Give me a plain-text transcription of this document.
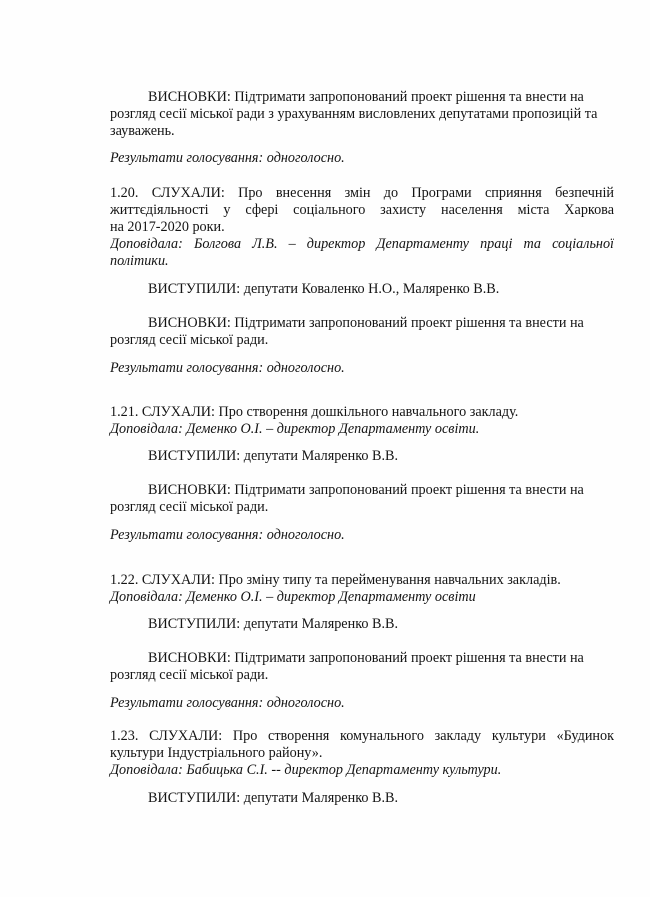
ВИСНОВКИ: Підтримати запропонований проект рішення та внести на
розгляд сесії міської ради з урахуванням висловлених депутатами пропозицій та
зауважень.
Результати голосування: одноголосно.
1.20. СЛУХАЛИ: Про внесення змін до Програми сприяння безпечній
життєдіяльності у сфері соціального захисту населення міста Харкова
на 2017-2020 роки.
Доповідала: Болгова Л.В. – директор Департаменту праці та соціальної
політики.
ВИСТУПИЛИ: депутати Коваленко Н.О., Маляренко В.В.
ВИСНОВКИ: Підтримати запропонований проект рішення та внести на
розгляд сесії міської ради.
Результати голосування: одноголосно.
1.21. СЛУХАЛИ: Про створення дошкільного навчального закладу.
Доповідала: Деменко О.І. – директор Департаменту освіти.
ВИСТУПИЛИ: депутати Маляренко В.В.
ВИСНОВКИ: Підтримати запропонований проект рішення та внести на
розгляд сесії міської ради.
Результати голосування: одноголосно.
1.22. СЛУХАЛИ: Про зміну типу та перейменування навчальних закладів.
Доповідала: Деменко О.І. – директор Департаменту освіти
ВИСТУПИЛИ: депутати Маляренко В.В.
ВИСНОВКИ: Підтримати запропонований проект рішення та внести на
розгляд сесії міської ради.
Результати голосування: одноголосно.
1.23. СЛУХАЛИ: Про створення комунального закладу культури «Будинок
культури Індустріального району».
Доповідала: Бабицька С.І. -- директор Департаменту культури.
ВИСТУПИЛИ: депутати Маляренко В.В.
